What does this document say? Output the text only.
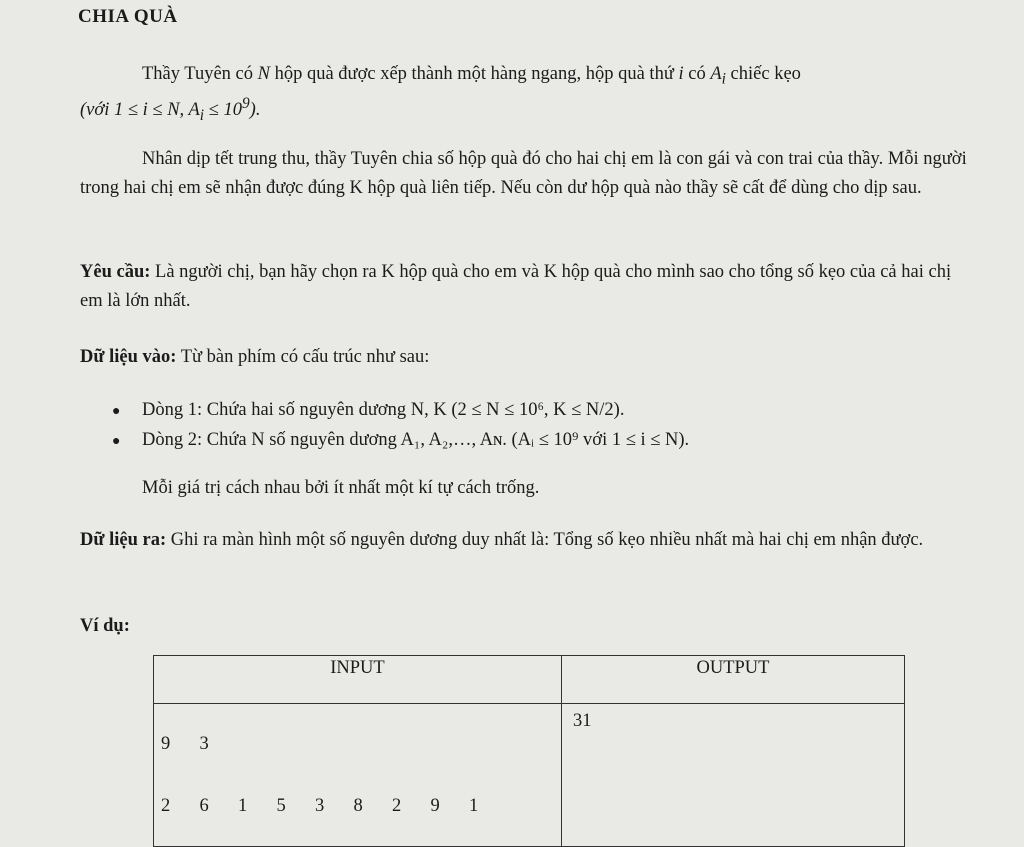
CHIA QUÀ
Thầy Tuyên có N hộp quà được xếp thành một hàng ngang, hộp quà thứ i có $A_i$ chiếc kẹo
(với 1 ≤ i ≤ N, $A_i \le 10^9$).
Nhân dịp tết trung thu, thầy Tuyên chia số hộp quà đó cho hai chị em là con gái và con trai của thầy. Mỗi người trong hai chị em sẽ nhận được đúng K hộp quà liên tiếp. Nếu còn dư hộp quà nào thầy sẽ cất để dùng cho dịp sau.
Yêu cầu: Là người chị, bạn hãy chọn ra K hộp quà cho em và K hộp quà cho mình sao cho tổng số kẹo của cả hai chị em là lớn nhất.
Dữ liệu vào: Từ bàn phím có cấu trúc như sau:
●	Dòng 1: Chứa hai số nguyên dương N, K (2 ≤ N ≤ 10⁶, K ≤ N/2).
●	Dòng 2: Chứa N số nguyên dương A₁, A₂,…, Aɴ. (Aᵢ ≤ 10⁹ với 1 ≤ i ≤ N).
Mỗi giá trị cách nhau bởi ít nhất một kí tự cách trống.
Dữ liệu ra: Ghi ra màn hình một số nguyên dương duy nhất là: Tổng số kẹo nhiều nhất mà hai chị em nhận được.
Ví dụ:
INPUT	OUTPUT

9  3
2  6  1  5  3  8  2  9  1	31
